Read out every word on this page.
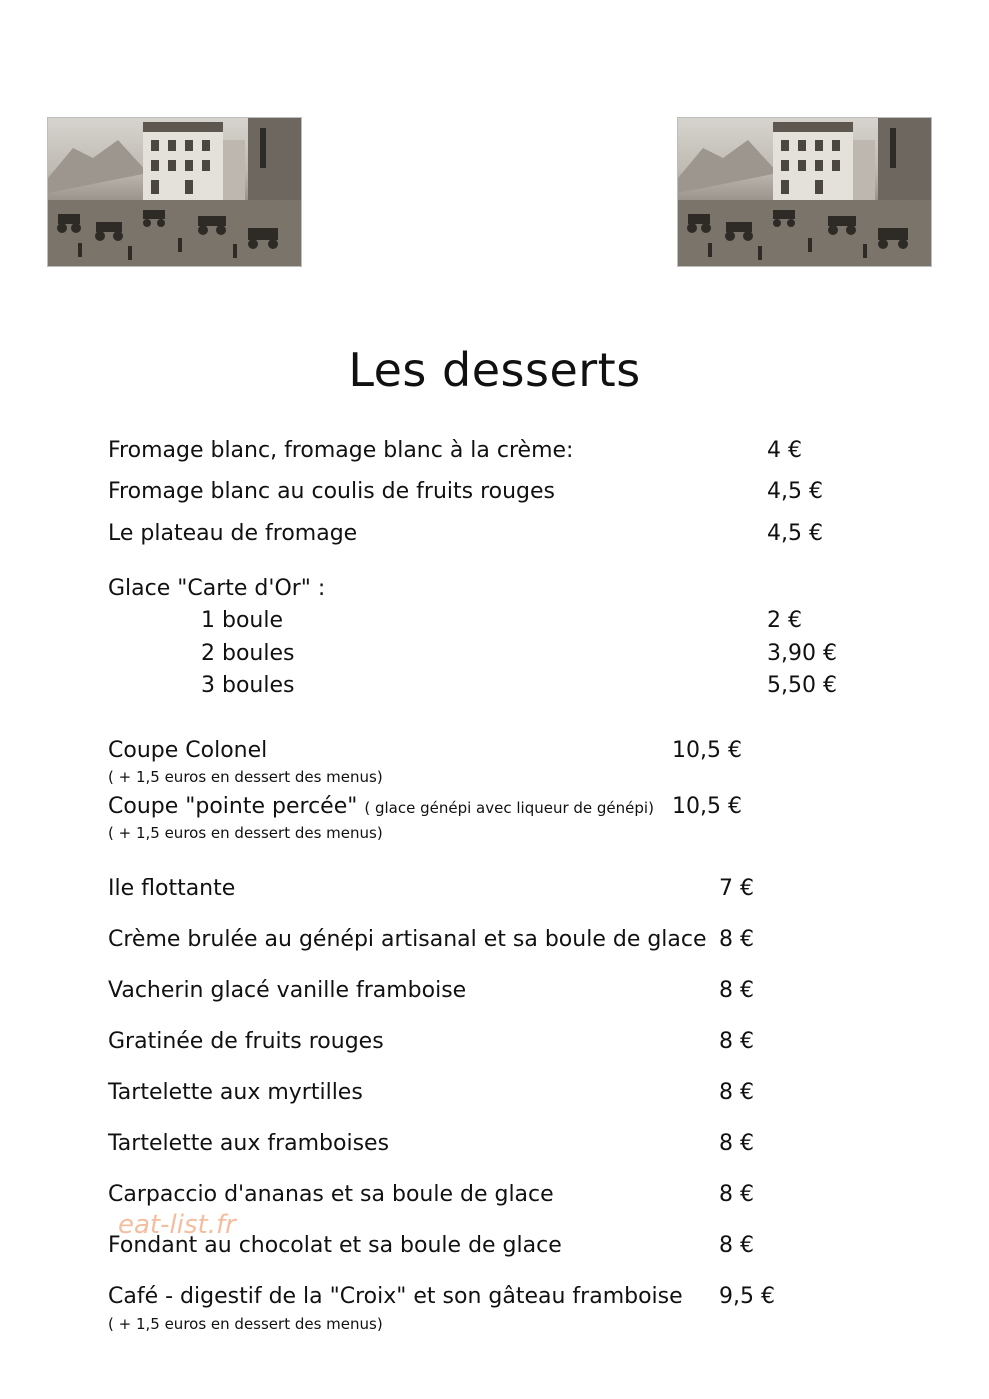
Les desserts
Fromage blanc, fromage blanc à la crème:	4 €
Fromage blanc au coulis de fruits rouges	4,5 €
Le plateau de fromage	4,5 €
Glace "Carte d'Or" :
1 boule	2 €
2 boules	3,90 €
3 boules	5,50 €
Coupe Colonel	10,5 €
( + 1,5 euros en dessert des menus)
Coupe "pointe percée" ( glace génépi avec liqueur de génépi) 10,5 €
( + 1,5 euros en dessert des menus)
Ile flottante	7 €
Crème brulée au génépi artisanal et sa boule de glace 8 €
Vacherin glacé vanille framboise	8 €
Gratinée de fruits rouges	8 €
Tartelette aux myrtilles	8 €
Tartelette aux framboises	8 €
Carpaccio d'ananas et sa boule de glace	8 €
Fondant au chocolat et sa boule de glace	8 €
Café - digestif de la "Croix" et son gâteau framboise 9,5 €
( + 1,5 euros en dessert des menus)
eat-list.fr
